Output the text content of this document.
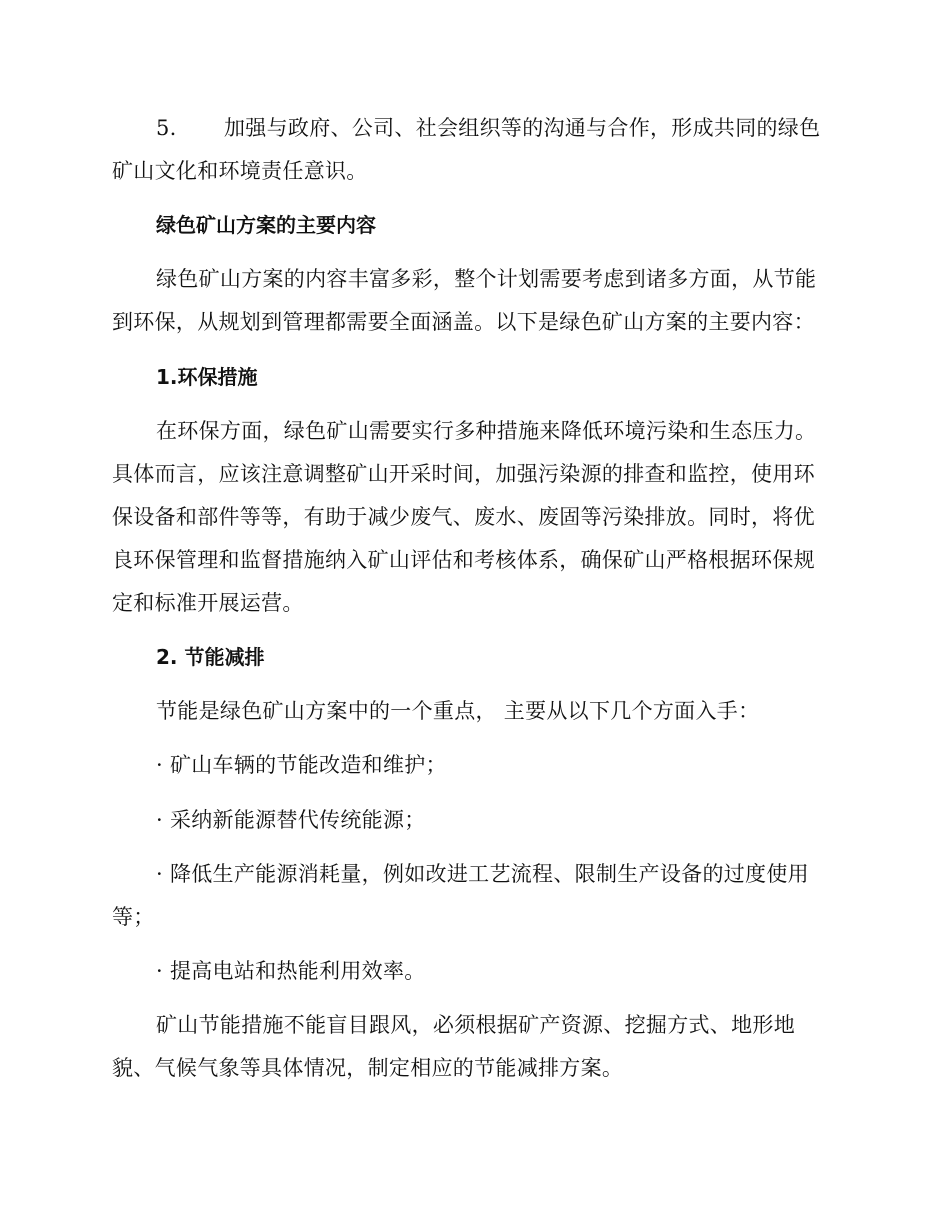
5. 加强与政府、公司、社会组织等的沟通与合作，形成共同的绿色
矿山文化和环境责任意识。
绿色矿山方案的主要内容
绿色矿山方案的内容丰富多彩，整个计划需要考虑到诸多方面，从节能
到环保，从规划到管理都需要全面涵盖。以下是绿色矿山方案的主要内容：
1.环保措施
在环保方面，绿色矿山需要实行多种措施来降低环境污染和生态压力。
具体而言，应该注意调整矿山开采时间，加强污染源的排查和监控，使用环
保设备和部件等等，有助于减少废气、废水、废固等污染排放。同时，将优
良环保管理和监督措施纳入矿山评估和考核体系，确保矿山严格根据环保规
定和标准开展运营。
2. 节能减排
节能是绿色矿山方案中的一个重点， 主要从以下几个方面入手：
· 矿山车辆的节能改造和维护；
· 采纳新能源替代传统能源；
· 降低生产能源消耗量，例如改进工艺流程、限制生产设备的过度使用
等；
· 提高电站和热能利用效率。
矿山节能措施不能盲目跟风，必须根据矿产资源、挖掘方式、地形地
貌、气候气象等具体情况，制定相应的节能减排方案。
